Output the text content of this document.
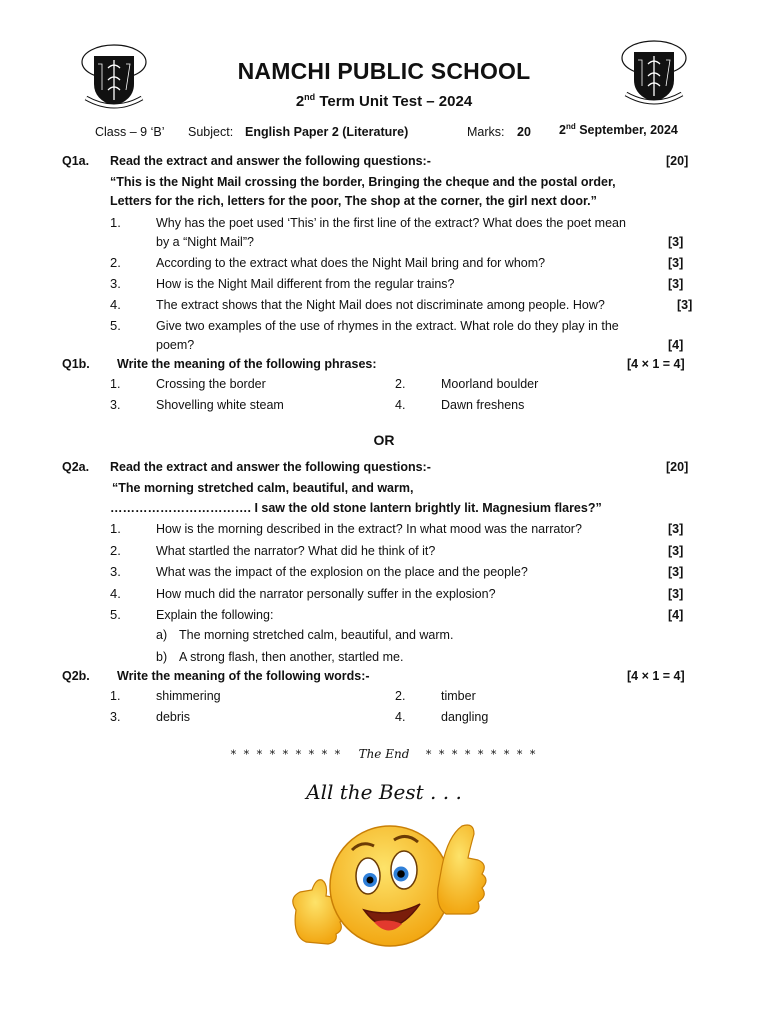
NAMCHI PUBLIC SCHOOL
2nd Term Unit Test – 2024
Class – 9 ‘B’ Subject: English Paper 2 (Literature)	Marks: 20 2nd September, 2024
Q1a. Read the extract and answer the following questions:-	[20]
“This is the Night Mail crossing the border, Bringing the cheque and the postal order,
Letters for the rich, letters for the poor, The shop at the corner, the girl next door.”
1.	Why has the poet used ‘This’ in the first line of the extract? What does the poet mean
by a “Night Mail”?	[3]
2.	According to the extract what does the Night Mail bring and for whom?	[3]
3.	How is the Night Mail different from the regular trains?	[3]
4.	The extract shows that the Night Mail does not discriminate among people. How?	[3]
5.	Give two examples of the use of rhymes in the extract. What role do they play in the
poem?	[4]
Q1b. Write the meaning of the following phrases:	[4 × 1 = 4]
1.	Crossing the border	2.	Moorland boulder
3.	Shovelling white steam	4.	Dawn freshens
OR
Q2a. Read the extract and answer the following questions:-	[20]
“The morning stretched calm, beautiful, and warm,
……………………………. I saw the old stone lantern brightly lit. Magnesium flares?”
1.	How is the morning described in the extract? In what mood was the narrator?	[3]
2.	What startled the narrator? What did he think of it?	[3]
3.	What was the impact of the explosion on the place and the people?	[3]
4.	How much did the narrator personally suffer in the explosion?	[3]
5.	Explain the following:	[4]
a) The morning stretched calm, beautiful, and warm.
b) A strong flash, then another, startled me.
Q2b. Write the meaning of the following words:-	[4 × 1 = 4]
1.	shimmering	2.	timber
3.	debris	4.	dangling
* * * * * * * * * The End * * * * * * * * *
All the Best . . .
